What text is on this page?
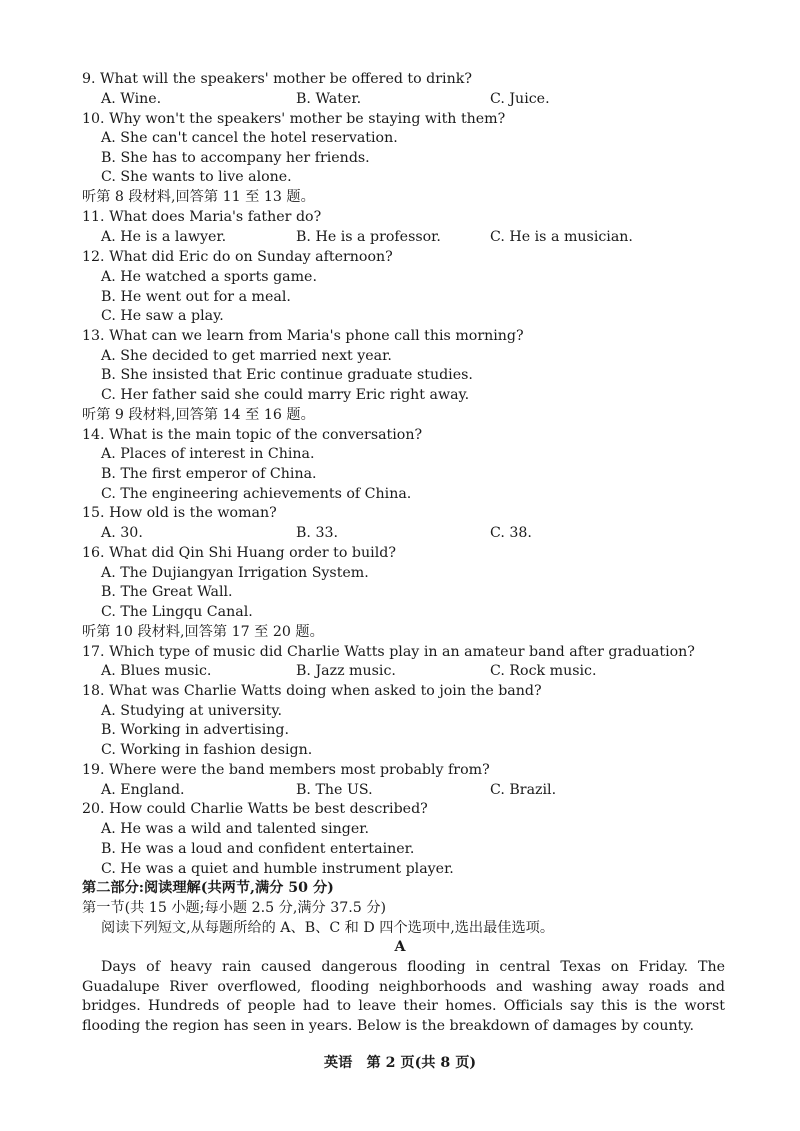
9. What will the speakers' mother be offered to drink?
A. Wine.	B. Water.	C. Juice.
10. Why won't the speakers' mother be staying with them?
A. She can't cancel the hotel reservation.
B. She has to accompany her friends.
C. She wants to live alone.
听第 8 段材料,回答第 11 至 13 题。
11. What does Maria's father do?
A. He is a lawyer.	B. He is a professor.	C. He is a musician.
12. What did Eric do on Sunday afternoon?
A. He watched a sports game.
B. He went out for a meal.
C. He saw a play.
13. What can we learn from Maria's phone call this morning?
A. She decided to get married next year.
B. She insisted that Eric continue graduate studies.
C. Her father said she could marry Eric right away.
听第 9 段材料,回答第 14 至 16 题。
14. What is the main topic of the conversation?
A. Places of interest in China.
B. The first emperor of China.
C. The engineering achievements of China.
15. How old is the woman?
A. 30.	B. 33.	C. 38.
16. What did Qin Shi Huang order to build?
A. The Dujiangyan Irrigation System.
B. The Great Wall.
C. The Lingqu Canal.
听第 10 段材料,回答第 17 至 20 题。
17. Which type of music did Charlie Watts play in an amateur band after graduation?
A. Blues music.	B. Jazz music.	C. Rock music.
18. What was Charlie Watts doing when asked to join the band?
A. Studying at university.
B. Working in advertising.
C. Working in fashion design.
19. Where were the band members most probably from?
A. England.	B. The US.	C. Brazil.
20. How could Charlie Watts be best described?
A. He was a wild and talented singer.
B. He was a loud and confident entertainer.
C. He was a quiet and humble instrument player.
第二部分:阅读理解(共两节,满分 50 分)
第一节(共 15 小题;每小题 2.5 分,满分 37.5 分)
阅读下列短文,从每题所给的 A、B、C 和 D 四个选项中,选出最佳选项。
A
Days of heavy rain caused dangerous flooding in central Texas on Friday. The Guadalupe River overflowed, flooding neighborhoods and washing away roads and bridges. Hundreds of people had to leave their homes. Officials say this is the worst flooding the region has seen in years. Below is the breakdown of damages by county.
英语　第 2 页(共 8 页)
